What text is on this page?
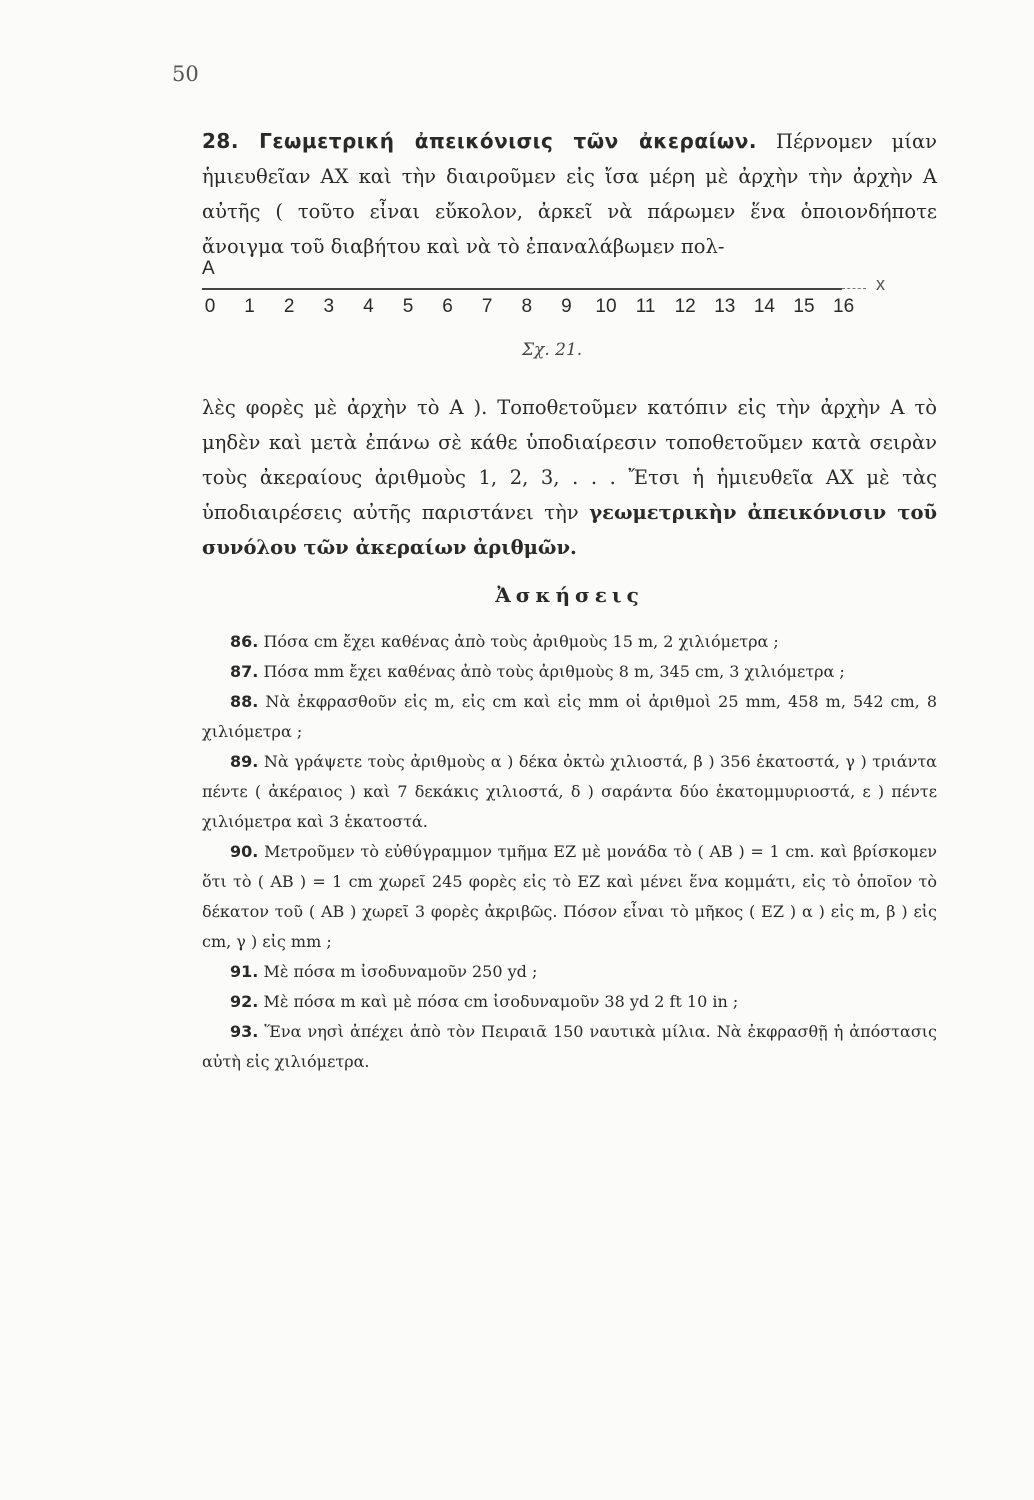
50

28. Γεωμετρική ἀπεικόνισις τῶν ἀκεραίων. Πέρνομεν μίαν ἡμιευθεῖαν ΑΧ καὶ τὴν διαιροῦμεν εἰς ἴσα μέρη μὲ ἀρχὴν τὴν ἀρχὴν Α αὐτῆς ( τοῦτο εἶναι εὔκολον, ἀρκεῖ νὰ πάρωμεν ἕνα ὁποιονδήποτε ἄνοιγμα τοῦ διαβήτου καὶ νὰ τὸ ἐπαναλάβωμεν πολ-

A
x
0 1 2 3 4 5 6 7 8 9 10 11 12 13 14 15 16
Σχ. 21.

λὲς φορὲς μὲ ἀρχὴν τὸ Α ). Τοποθετοῦμεν κατόπιν εἰς τὴν ἀρχὴν Α τὸ μηδὲν καὶ μετὰ ἐπάνω σὲ κάθε ὑποδιαίρεσιν τοποθετοῦμεν κατὰ σειρὰν τοὺς ἀκεραίους ἀριθμοὺς 1, 2, 3, . . . Ἔτσι ἡ ἡμιευθεῖα ΑΧ μὲ τὰς ὑποδιαιρέσεις αὐτῆς παριστάνει τὴν γεωμετρικὴν ἀπεικόνισιν τοῦ συνόλου τῶν ἀκεραίων ἀριθμῶν.

Ἀσκήσεις

86. Πόσα cm ἔχει καθένας ἀπὸ τοὺς ἀριθμοὺς 15 m, 2 χιλιόμετρα ;

87. Πόσα mm ἔχει καθένας ἀπὸ τοὺς ἀριθμοὺς 8 m, 345 cm, 3 χιλιόμετρα ;

88. Νὰ ἐκφρασθοῦν εἰς m, εἰς cm καὶ εἰς mm οἱ ἀριθμοὶ 25 mm, 458 m, 542 cm, 8 χιλιόμετρα ;

89. Νὰ γράψετε τοὺς ἀριθμοὺς α ) δέκα ὀκτὼ χιλιοστά, β ) 356 ἑκατοστά, γ ) τριάντα πέντε ( ἀκέραιος ) καὶ 7 δεκάκις χιλιοστά, δ ) σαράντα δύο ἑκατομμυριοστά, ε ) πέντε χιλιόμετρα καὶ 3 ἑκατοστά.

90. Μετροῦμεν τὸ εὐθύγραμμον τμῆμα ΕΖ μὲ μονάδα τὸ ( ΑΒ ) = 1 cm. καὶ βρίσκομεν ὅτι τὸ ( ΑΒ ) = 1 cm χωρεῖ 245 φορὲς εἰς τὸ ΕΖ καὶ μένει ἕνα κομμάτι, εἰς τὸ ὁποῖον τὸ δέκατον τοῦ ( ΑΒ ) χωρεῖ 3 φορὲς ἀκριβῶς. Πόσον εἶναι τὸ μῆκος ( ΕΖ ) α ) εἰς m, β ) εἰς cm, γ ) εἰς mm ;

91. Μὲ πόσα m ἰσοδυναμοῦν 250 yd ;

92. Μὲ πόσα m καὶ μὲ πόσα cm ἰσοδυναμοῦν 38 yd 2 ft 10 in ;

93. Ἕνα νησὶ ἀπέχει ἀπὸ τὸν Πειραιᾶ 150 ναυτικὰ μίλια. Νὰ ἐκφρασθῇ ἡ ἀπόστασις αὐτὴ εἰς χιλιόμετρα.
